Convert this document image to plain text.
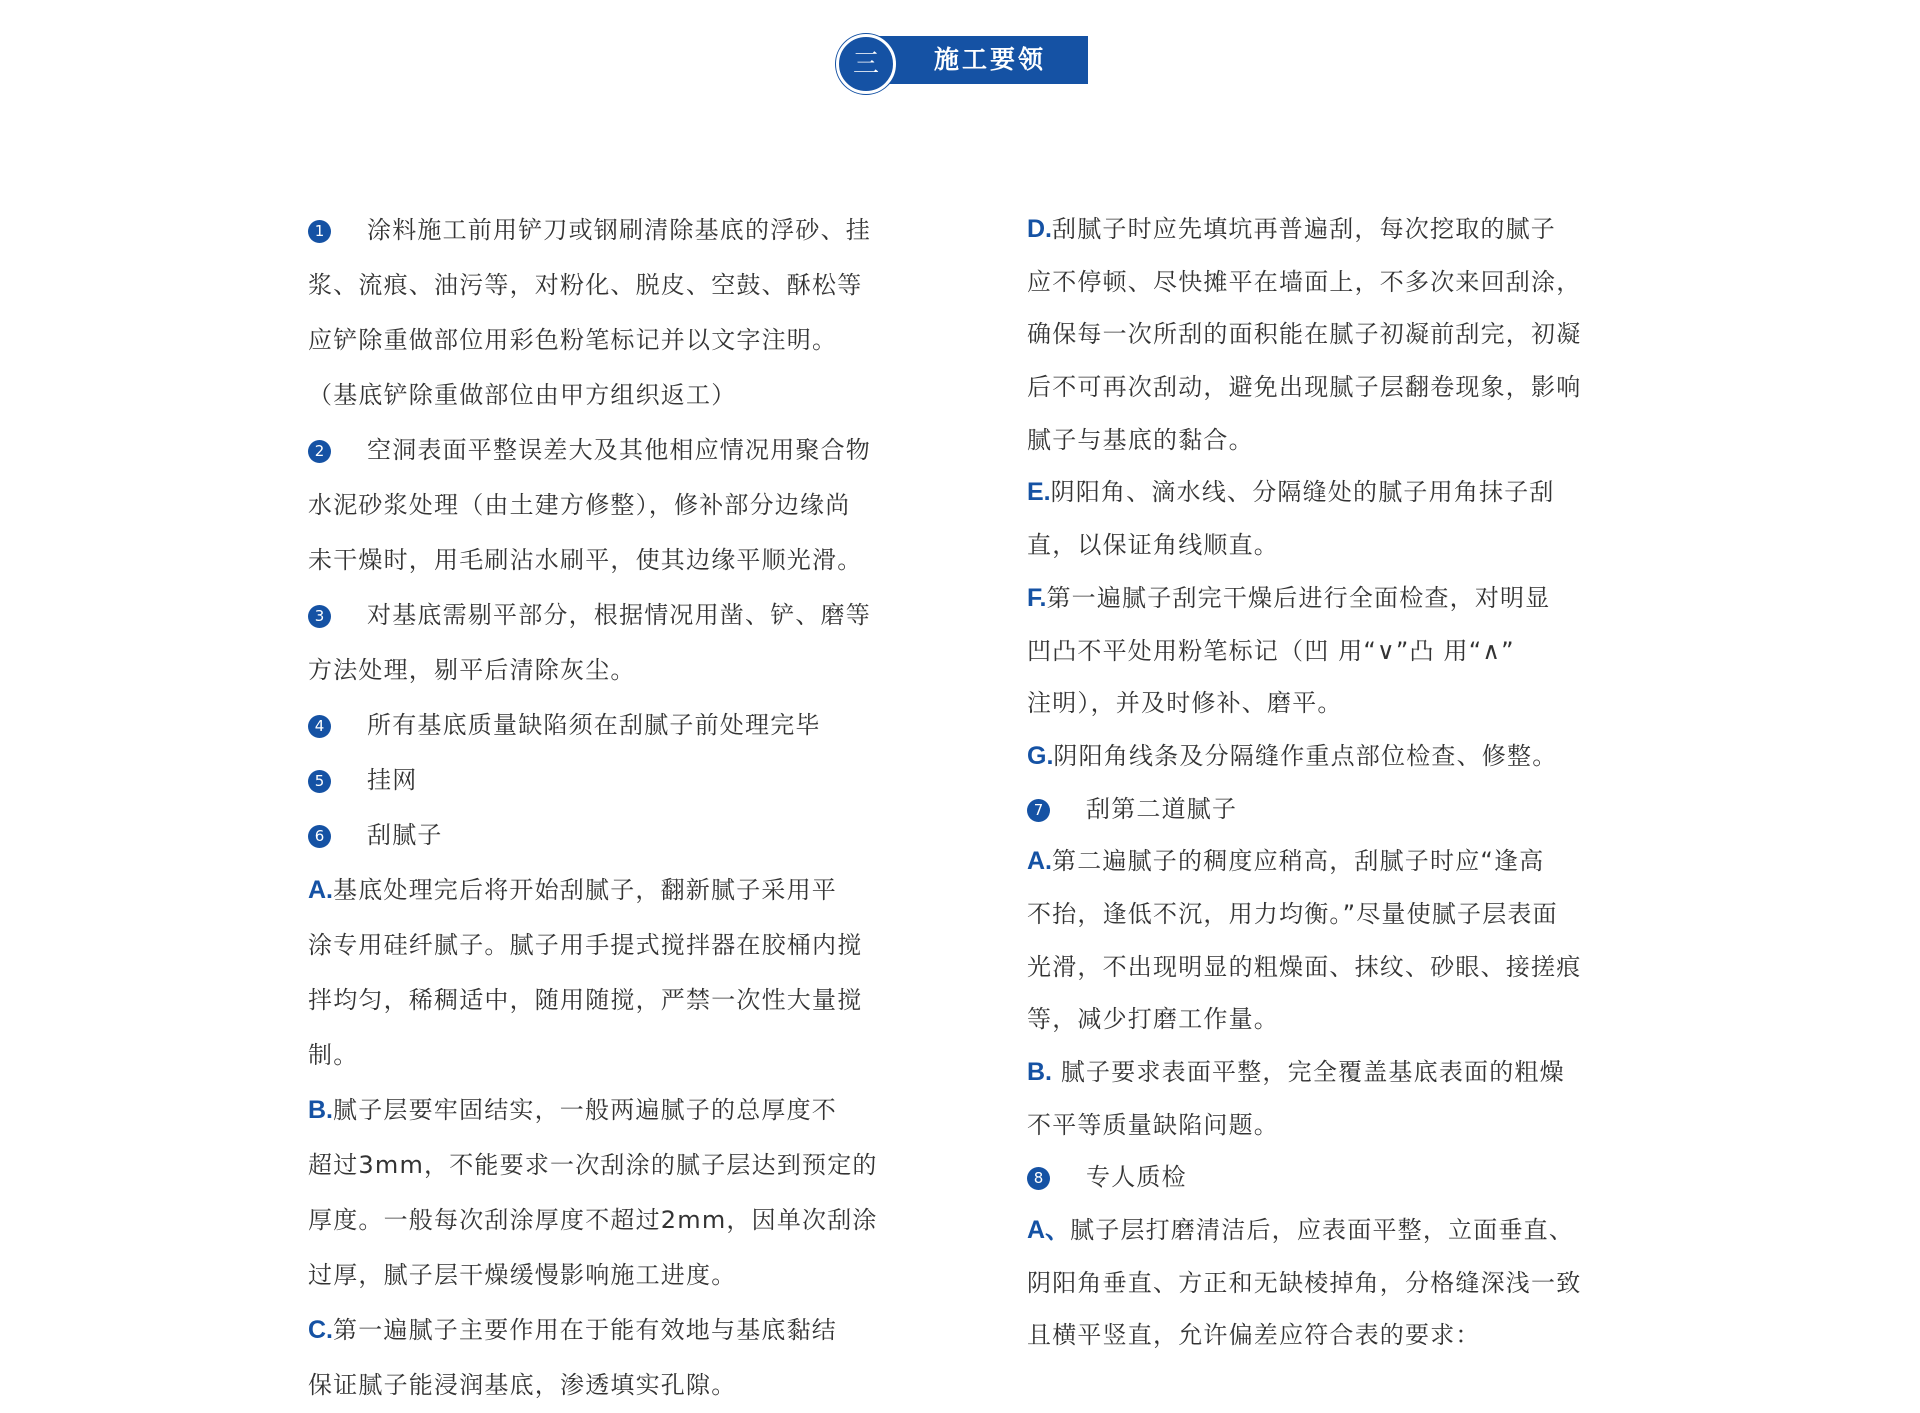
三	施工要领
1 涂料施工前用铲刀或钢刷清除基底的浮砂、挂
浆、流痕、油污等，对粉化、脱皮、空鼓、酥松等
应铲除重做部位用彩色粉笔标记并以文字注明。
（基底铲除重做部位由甲方组织返工）
2 空洞表面平整误差大及其他相应情况用聚合物
水泥砂浆处理（由土建方修整），修补部分边缘尚
未干燥时，用毛刷沾水刷平，使其边缘平顺光滑。
3 对基底需剔平部分，根据情况用凿、铲、磨等
方法处理，剔平后清除灰尘。
4 所有基底质量缺陷须在刮腻子前处理完毕
5 挂网
6 刮腻子
A.基底处理完后将开始刮腻子，翻新腻子采用平
涂专用硅纤腻子。腻子用手提式搅拌器在胶桶内搅
拌均匀，稀稠适中，随用随搅，严禁一次性大量搅
制。
B.腻子层要牢固结实，一般两遍腻子的总厚度不
超过3mm，不能要求一次刮涂的腻子层达到预定的
厚度。一般每次刮涂厚度不超过2mm，因单次刮涂
过厚，腻子层干燥缓慢影响施工进度。
C.第一遍腻子主要作用在于能有效地与基底黏结
保证腻子能浸润基底，渗透填实孔隙。
D.刮腻子时应先填坑再普遍刮，每次挖取的腻子
应不停顿、尽快摊平在墙面上，不多次来回刮涂，
确保每一次所刮的面积能在腻子初凝前刮完，初凝
后不可再次刮动，避免出现腻子层翻卷现象，影响
腻子与基底的黏合。
E.阴阳角、滴水线、分隔缝处的腻子用角抹子刮
直，以保证角线顺直。
F.第一遍腻子刮完干燥后进行全面检查，对明显
凹凸不平处用粉笔标记（凹 用“∨”凸 用“∧”
注明），并及时修补、磨平。
G.阴阳角线条及分隔缝作重点部位检查、修整。
7 刮第二道腻子
A.第二遍腻子的稠度应稍高，刮腻子时应“逢高
不抬，逢低不沉，用力均衡。”尽量使腻子层表面
光滑，不出现明显的粗燥面、抹纹、砂眼、接搓痕
等，减少打磨工作量。
B. 腻子要求表面平整，完全覆盖基底表面的粗燥
不平等质量缺陷问题。
8 专人质检
A、腻子层打磨清洁后，应表面平整，立面垂直、
阴阳角垂直、方正和无缺棱掉角，分格缝深浅一致
且横平竖直，允许偏差应符合表的要求：
